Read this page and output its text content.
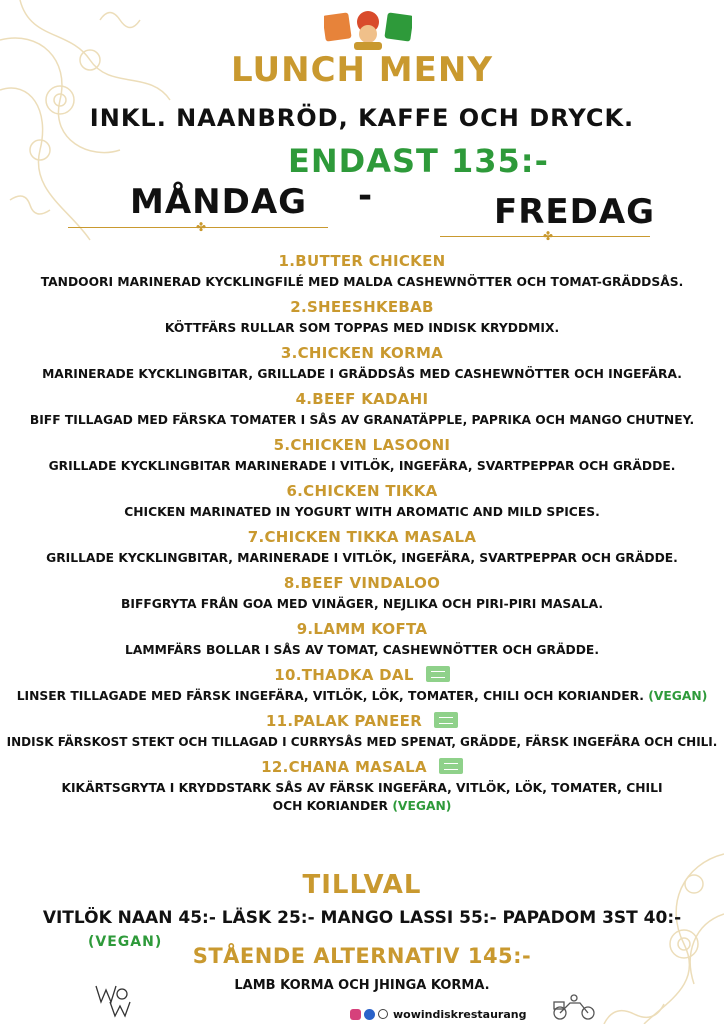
LUNCH MENY
INKL. NAANBRÖD, KAFFE OCH DRYCK.
ENDAST 135:-
MÅNDAG -	FREDAG
✤
✤
1.BUTTER CHICKEN
TANDOORI MARINERAD KYCKLINGFILÉ MED MALDA CASHEWNÖTTER OCH TOMAT-GRÄDDSÅS.
2.SHEESHKEBAB
KÖTTFÄRS RULLAR SOM TOPPAS MED INDISK KRYDDMIX.
3.CHICKEN KORMA
MARINERADE KYCKLINGBITAR, GRILLADE I GRÄDDSÅS MED CASHEWNÖTTER OCH INGEFÄRA.
4.BEEF KADAHI
BIFF TILLAGAD MED FÄRSKA TOMATER I SÅS AV GRANATÄPPLE, PAPRIKA OCH MANGO CHUTNEY.
5.CHICKEN LASOONI
GRILLADE KYCKLINGBITAR MARINERADE I VITLÖK, INGEFÄRA, SVARTPEPPAR OCH GRÄDDE.
6.CHICKEN TIKKA
CHICKEN MARINATED IN YOGURT WITH AROMATIC AND MILD SPICES.
7.CHICKEN TIKKA MASALA
GRILLADE KYCKLINGBITAR, MARINERADE I VITLÖK, INGEFÄRA, SVARTPEPPAR OCH GRÄDDE.
8.BEEF VINDALOO
BIFFGRYTA FRÅN GOA MED VINÄGER, NEJLIKA OCH PIRI-PIRI MASALA.
9.LAMM KOFTA
LAMMFÄRS BOLLAR I SÅS AV TOMAT, CASHEWNÖTTER OCH GRÄDDE.
10.THADKA DAL
LINSER TILLAGADE MED FÄRSK INGEFÄRA, VITLÖK, LÖK, TOMATER, CHILI OCH KORIANDER. (VEGAN)
11.PALAK PANEER
INDISK FÄRSKOST STEKT OCH TILLAGAD I CURRYSÅS MED SPENAT, GRÄDDE, FÄRSK INGEFÄRA OCH CHILI.
12.CHANA MASALA
KIKÄRTSGRYTA I KRYDDSTARK SÅS AV FÄRSK INGEFÄRA, VITLÖK, LÖK, TOMATER, CHILI
OCH KORIANDER (VEGAN)
TILLVAL
VITLÖK NAAN 45:- LÄSK 25:- MANGO LASSI 55:- PAPADOM 3ST 40:-
(VEGAN)
STÅENDE ALTERNATIV 145:-
LAMB KORMA OCH JHINGA KORMA.
wowindiskrestaurang
